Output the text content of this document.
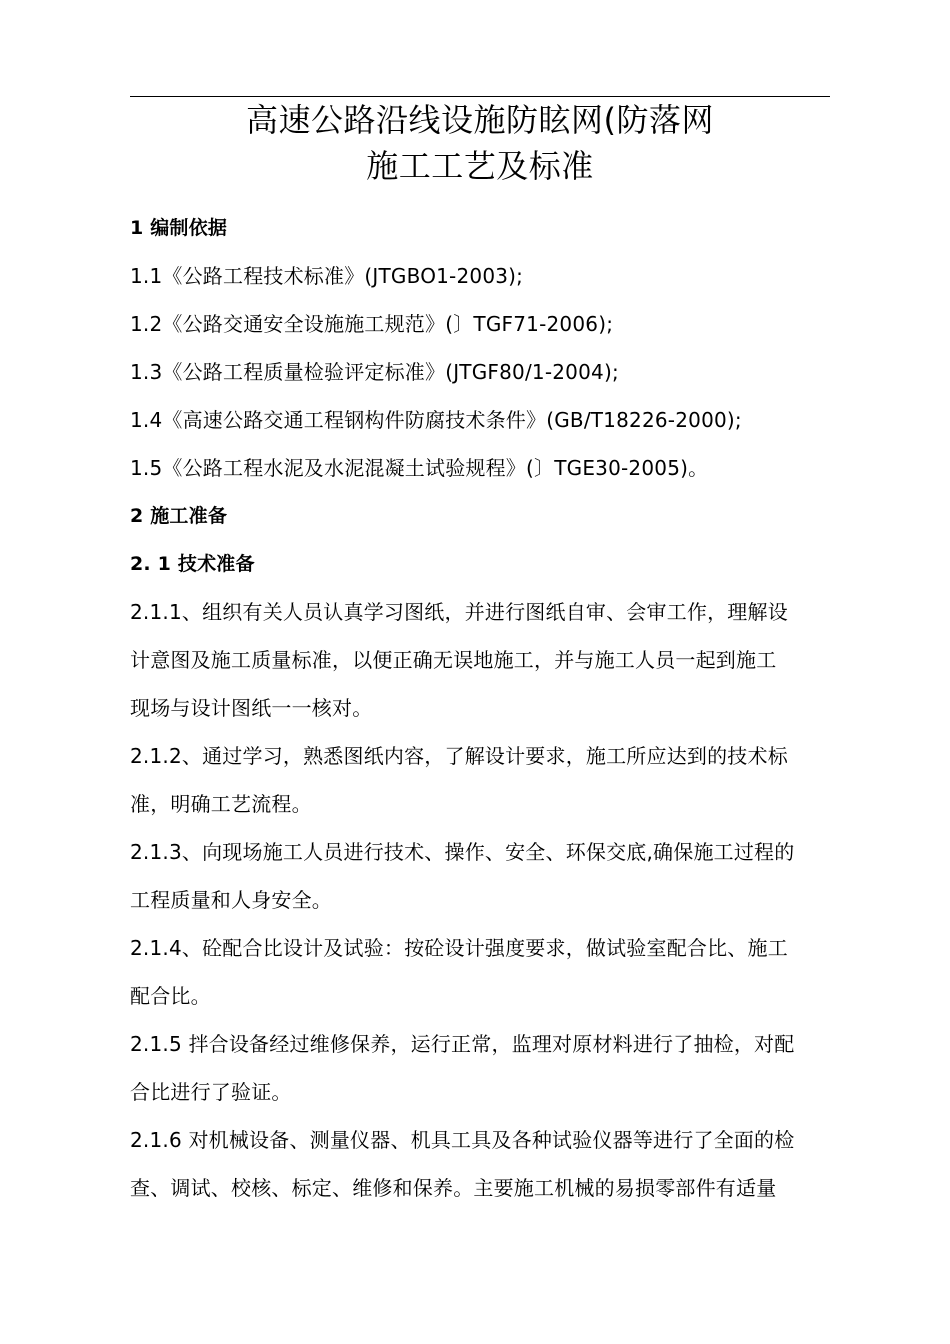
高速公路沿线设施防眩网(防落网
施工工艺及标准
1 编制依据
1.1《公路工程技术标准》(JTGBO1-2003);
1.2《公路交通安全设施施工规范》(〕TGF71-2006);
1.3《公路工程质量检验评定标准》(JTGF80/1-2004);
1.4《高速公路交通工程钢构件防腐技术条件》(GB/T18226-2000);
1.5《公路工程水泥及水泥混凝土试验规程》(〕TGE30-2005)。
2 施工准备
2. 1 技术准备
2.1.1、组织有关人员认真学习图纸，并进行图纸自审、会审工作，理解设
计意图及施工质量标准，以便正确无误地施工，并与施工人员一起到施工
现场与设计图纸一一核对。
2.1.2、通过学习，熟悉图纸内容，了解设计要求，施工所应达到的技术标
准，明确工艺流程。
2.1.3、向现场施工人员进行技术、操作、安全、环保交底,确保施工过程的
工程质量和人身安全。
2.1.4、砼配合比设计及试验：按砼设计强度要求，做试验室配合比、施工
配合比。
2.1.5 拌合设备经过维修保养，运行正常，监理对原材料进行了抽检，对配
合比进行了验证。
2.1.6 对机械设备、测量仪器、机具工具及各种试验仪器等进行了全面的检
查、调试、校核、标定、维修和保养。主要施工机械的易损零部件有适量
